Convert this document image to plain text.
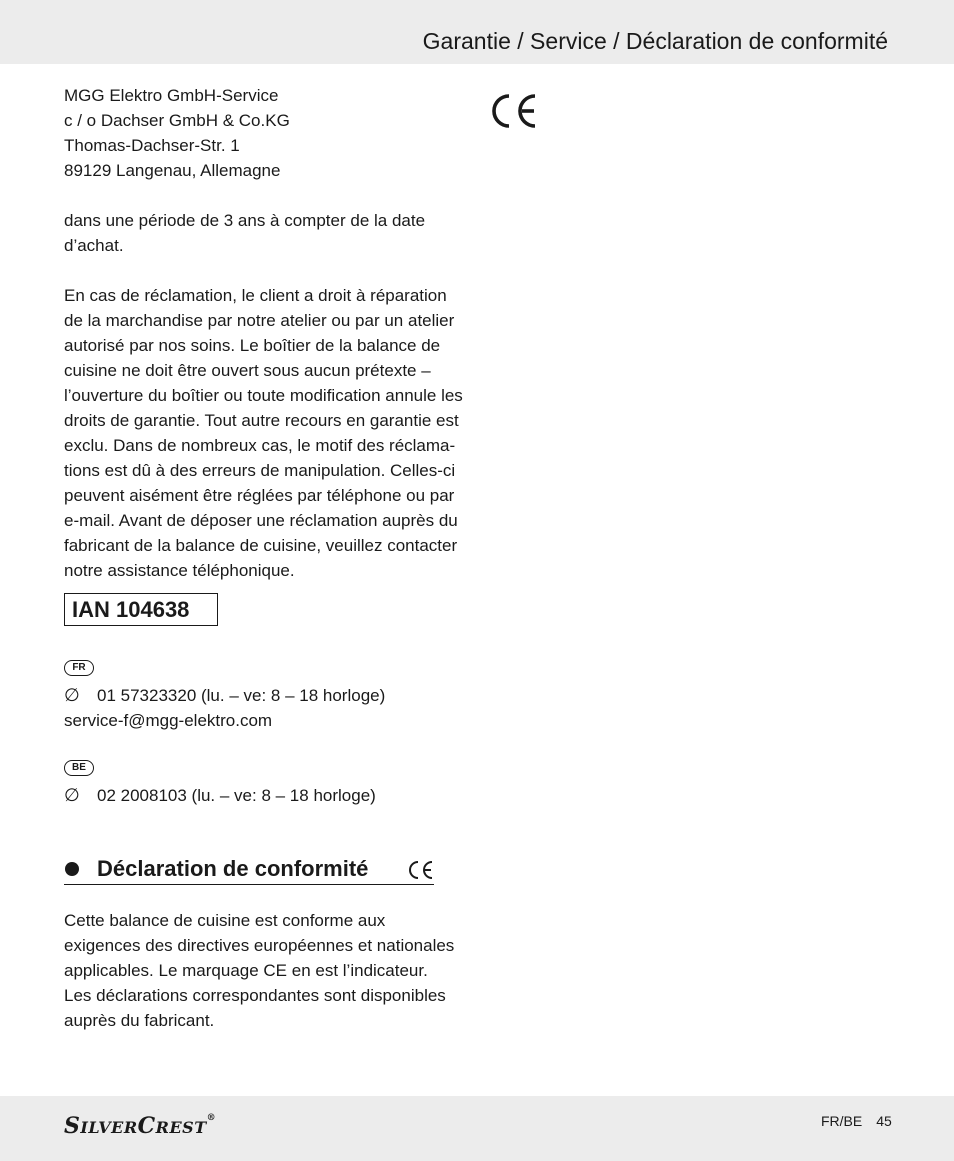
Garantie / Service / Déclaration de conformité

MGG Elektro GmbH-Service

c / o Dachser GmbH & Co.KG

Thomas-Dachser-Str. 1

89129 Langenau, Allemagne

dans une période de 3 ans à compter de la date

d’achat.

En cas de réclamation, le client a droit à réparation

de la marchandise par notre atelier ou par un atelier

autorisé par nos soins. Le boîtier de la balance de

cuisine ne doit être ouvert sous aucun prétexte –

l’ouverture du boîtier ou toute modification annule les

droits de garantie. Tout autre recours en garantie est

exclu. Dans de nombreux cas, le motif des réclama-

tions est dû à des erreurs de manipulation. Celles-ci

peuvent aisément être réglées par téléphone ou par

e-mail. Avant de déposer une réclamation auprès du

fabricant de la balance de cuisine, veuillez contacter

notre assistance téléphonique.

IAN 104638
FR
∅ 01 57323320 (lu. – ve: 8 – 18 horloge)
service-f@mgg-elektro.com
BE
∅ 02 2008103 (lu. – ve: 8 – 18 horloge)
Déclaration de conformité

Cette balance de cuisine est conforme aux

exigences des directives européennes et nationales

applicables. Le marquage CE en est l’indicateur.

Les déclarations correspondantes sont disponibles

auprès du fabricant.

SILVERCREST®	FR/BE 45
